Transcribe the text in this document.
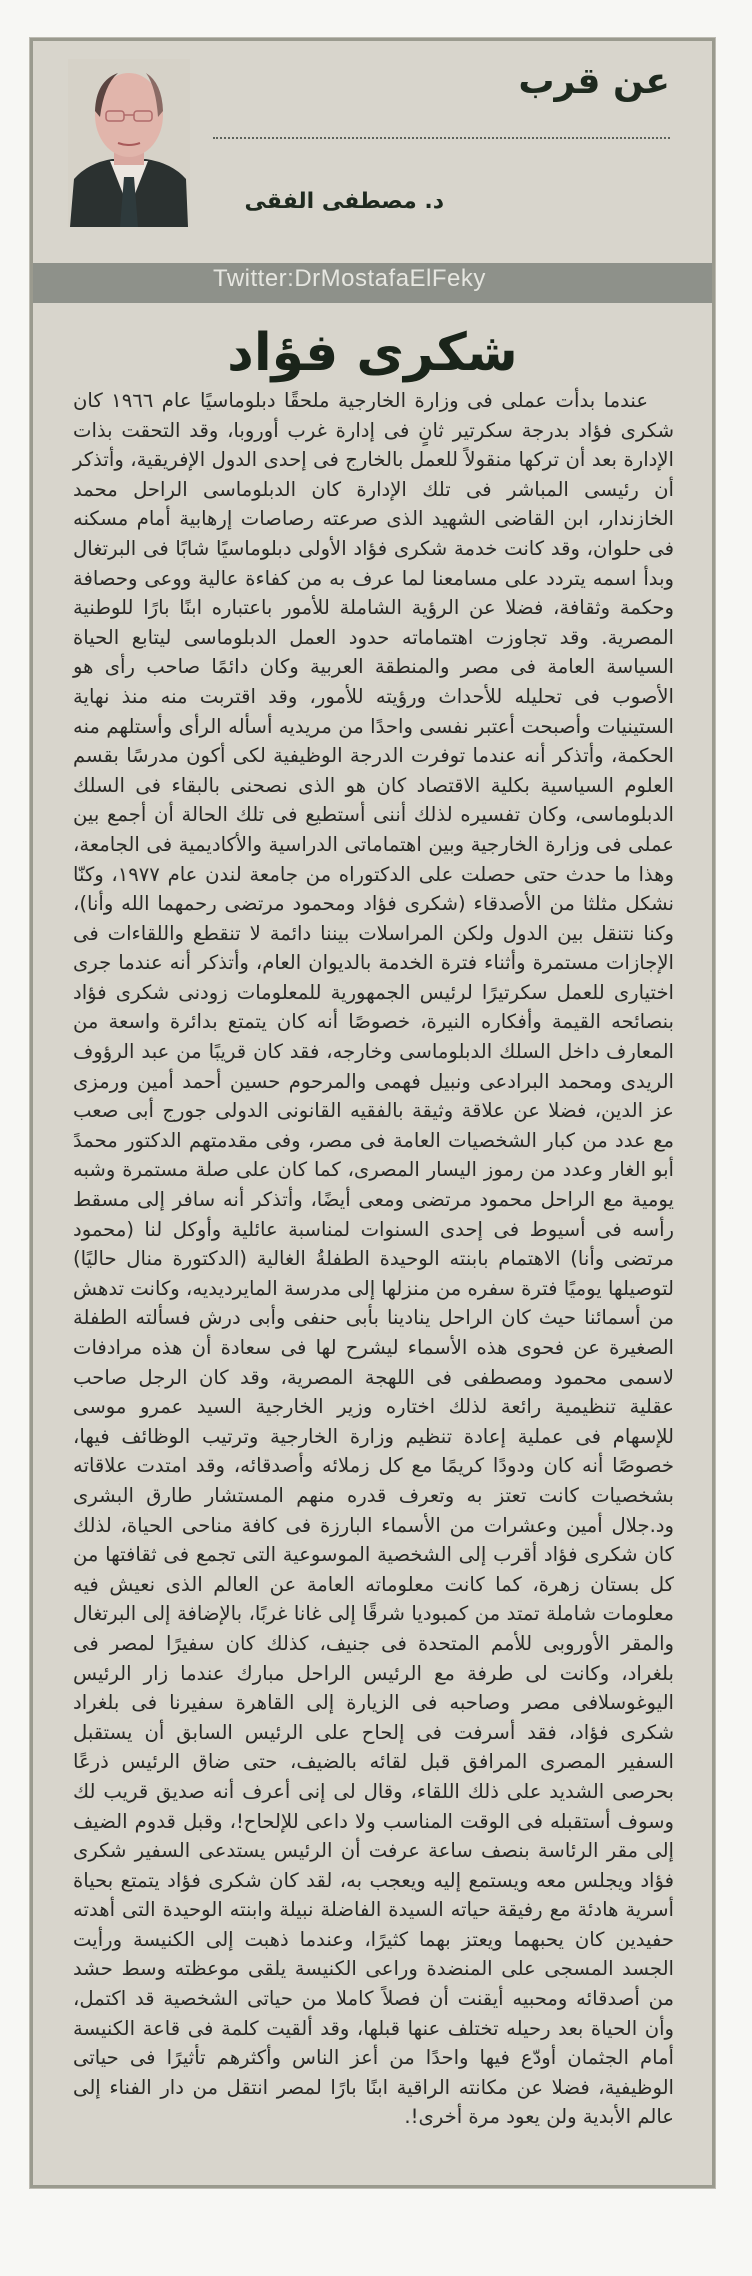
عن قرب
د. مصطفى الفقى
Twitter:DrMostafaElFeky
شكرى فؤاد

عندما بدأت عملى فى وزارة الخارجية ملحقًا دبلوماسيًا عام ١٩٦٦ كان شكرى فؤاد بدرجة سكرتير ثانٍ فى إدارة غرب أوروبا، وقد التحقت بذات الإدارة بعد أن تركها منقولاً للعمل بالخارج فى إحدى الدول الإفريقية، وأتذكر أن رئيسى المباشر فى تلك الإدارة كان الدبلوماسى الراحل محمد الخازندار، ابن القاضى الشهيد الذى صرعته رصاصات إرهابية أمام مسكنه فى حلوان، وقد كانت خدمة شكرى فؤاد الأولى دبلوماسيًا شابًا فى البرتغال وبدأ اسمه يتردد على مسامعنا لما عرف به من كفاءة عالية ووعى وحصافة وحكمة وثقافة، فضلا عن الرؤية الشاملة للأمور باعتباره ابنًا بارًا للوطنية المصرية. وقد تجاوزت اهتماماته حدود العمل الدبلوماسى ليتابع الحياة السياسة العامة فى مصر والمنطقة العربية وكان دائمًا صاحب رأى هو الأصوب فى تحليله للأحداث ورؤيته للأمور، وقد اقتربت منه منذ نهاية الستينيات وأصبحت أعتبر نفسى واحدًا من مريديه أسأله الرأى وأستلهم منه الحكمة، وأتذكر أنه عندما توفرت الدرجة الوظيفية لكى أكون مدرسًا بقسم العلوم السياسية بكلية الاقتصاد كان هو الذى نصحنى بالبقاء فى السلك الدبلوماسى، وكان تفسيره لذلك أننى أستطيع فى تلك الحالة أن أجمع بين عملى فى وزارة الخارجية وبين اهتماماتى الدراسية والأكاديمية فى الجامعة، وهذا ما حدث حتى حصلت على الدكتوراه من جامعة لندن عام ١٩٧٧، وكنّا نشكل مثلثا من الأصدقاء (شكرى فؤاد ومحمود مرتضى رحمهما الله وأنا)، وكنا نتنقل بين الدول ولكن المراسلات بيننا دائمة لا تنقطع واللقاءات فى الإجازات مستمرة وأثناء فترة الخدمة بالديوان العام، وأتذكر أنه عندما جرى اختيارى للعمل سكرتيرًا لرئيس الجمهورية للمعلومات زودنى شكرى فؤاد بنصائحه القيمة وأفكاره النيرة، خصوصًا أنه كان يتمتع بدائرة واسعة من المعارف داخل السلك الدبلوماسى وخارجه، فقد كان قريبًا من عبد الرؤوف الريدى ومحمد البرادعى ونبيل فهمى والمرحوم حسين أحمد أمين ورمزى عز الدين، فضلا عن علاقة وثيقة بالفقيه القانونى الدولى جورج أبى صعب مع عدد من كبار الشخصيات العامة فى مصر، وفى مقدمتهم الدكتور محمدً أبو الغار وعدد من رموز اليسار المصرى، كما كان على صلة مستمرة وشبه يومية مع الراحل محمود مرتضى ومعى أيضًا، وأتذكر أنه سافر إلى مسقط رأسه فى أسيوط فى إحدى السنوات لمناسبة عائلية وأوكل لنا (محمود مرتضى وأنا) الاهتمام بابنته الوحيدة الطفلةُ الغالية (الدكتورة منال حاليًا) لتوصيلها يوميًا فترة سفره من منزلها إلى مدرسة المايرديديه، وكانت تدهش من أسمائنا حيث كان الراحل ينادينا بأبى حنفى وأبى درش فسألته الطفلة الصغيرة عن فحوى هذه الأسماء ليشرح لها فى سعادة أن هذه مرادفات لاسمى محمود ومصطفى فى اللهجة المصرية، وقد كان الرجل صاحب عقلية تنظيمية رائعة لذلك اختاره وزير الخارجية السيد عمرو موسى للإسهام فى عملية إعادة تنظيم وزارة الخارجية وترتيب الوظائف فيها، خصوصًا أنه كان ودودًا كريمًا مع كل زملائه وأصدقائه، وقد امتدت علاقاته بشخصيات كانت تعتز به وتعرف قدره منهم المستشار طارق البشرى ود.جلال أمين وعشرات من الأسماء البارزة فى كافة مناحى الحياة، لذلك كان شكرى فؤاد أقرب إلى الشخصية الموسوعية التى تجمع فى ثقافتها من كل بستان زهرة، كما كانت معلوماته العامة عن العالم الذى نعيش فيه معلومات شاملة تمتد من كمبوديا شرقًا إلى غانا غربًا، بالإضافة إلى البرتغال والمقر الأوروبى للأمم المتحدة فى جنيف، كذلك كان سفيرًا لمصر فى بلغراد، وكانت لى طرفة مع الرئيس الراحل مبارك عندما زار الرئيس اليوغوسلافى مصر وصاحبه فى الزيارة إلى القاهرة سفيرنا فى بلغراد شكرى فؤاد، فقد أسرفت فى إلحاح على الرئيس السابق أن يستقبل السفير المصرى المرافق قبل لقائه بالضيف، حتى ضاق الرئيس ذرعًا بحرصى الشديد على ذلك اللقاء، وقال لى إنى أعرف أنه صديق قريب لك وسوف أستقبله فى الوقت المناسب ولا داعى للإلحاح!، وقبل قدوم الضيف إلى مقر الرئاسة بنصف ساعة عرفت أن الرئيس يستدعى السفير شكرى فؤاد ويجلس معه ويستمع إليه ويعجب به، لقد كان شكرى فؤاد يتمتع بحياة أسرية هادئة مع رفيقة حياته السيدة الفاضلة نبيلة وابنته الوحيدة التى أهدته حفيدين كان يحبهما ويعتز بهما كثيرًا، وعندما ذهبت إلى الكنيسة ورأيت الجسد المسجى على المنضدة وراعى الكنيسة يلقى موعظته وسط حشد من أصدقائه ومحبيه أيقنت أن فصلاً كاملا من حياتى الشخصية قد اكتمل، وأن الحياة بعد رحيله تختلف عنها قبلها، وقد ألقيت كلمة فى قاعة الكنيسة أمام الجثمان أودّع فيها واحدًا من أعز الناس وأكثرهم تأثيرًا فى حياتى الوظيفية، فضلا عن مكانته الراقية ابنًا بارًا لمصر انتقل من دار الفناء إلى عالم الأبدية ولن يعود مرة أخرى!.
